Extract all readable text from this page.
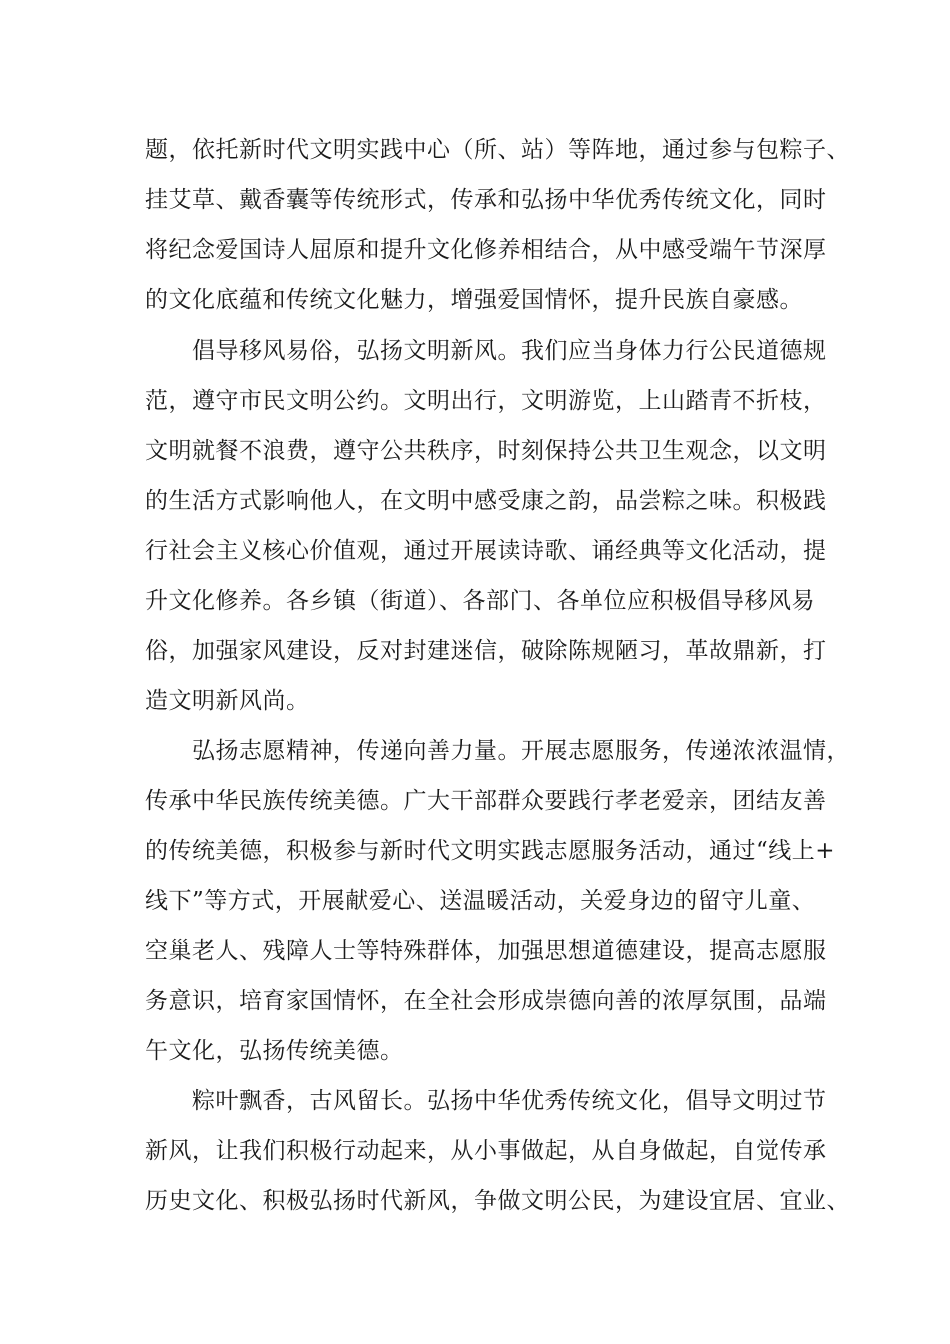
题，依托新时代文明实践中心（所、站）等阵地，通过参与包粽子、
挂艾草、戴香囊等传统形式，传承和弘扬中华优秀传统文化，同时
将纪念爱国诗人屈原和提升文化修养相结合，从中感受端午节深厚
的文化底蕴和传统文化魅力，增强爱国情怀，提升民族自豪感。
倡导移风易俗，弘扬文明新风。我们应当身体力行公民道德规
范，遵守市民文明公约。文明出行，文明游览，上山踏青不折枝，
文明就餐不浪费，遵守公共秩序，时刻保持公共卫生观念，以文明
的生活方式影响他人，在文明中感受康之韵，品尝粽之味。积极践
行社会主义核心价值观，通过开展读诗歌、诵经典等文化活动，提
升文化修养。各乡镇（街道）、各部门、各单位应积极倡导移风易
俗，加强家风建设，反对封建迷信，破除陈规陋习，革故鼎新，打
造文明新风尚。
弘扬志愿精神，传递向善力量。开展志愿服务，传递浓浓温情，
传承中华民族传统美德。广大干部群众要践行孝老爱亲，团结友善
的传统美德，积极参与新时代文明实践志愿服务活动，通过“线上+
线下”等方式，开展献爱心、送温暖活动，关爱身边的留守儿童、
空巢老人、残障人士等特殊群体，加强思想道德建设，提高志愿服
务意识，培育家国情怀，在全社会形成崇德向善的浓厚氛围，品端
午文化，弘扬传统美德。
粽叶飘香，古风留长。弘扬中华优秀传统文化，倡导文明过节
新风，让我们积极行动起来，从小事做起，从自身做起，自觉传承
历史文化、积极弘扬时代新风，争做文明公民，为建设宜居、宜业、
